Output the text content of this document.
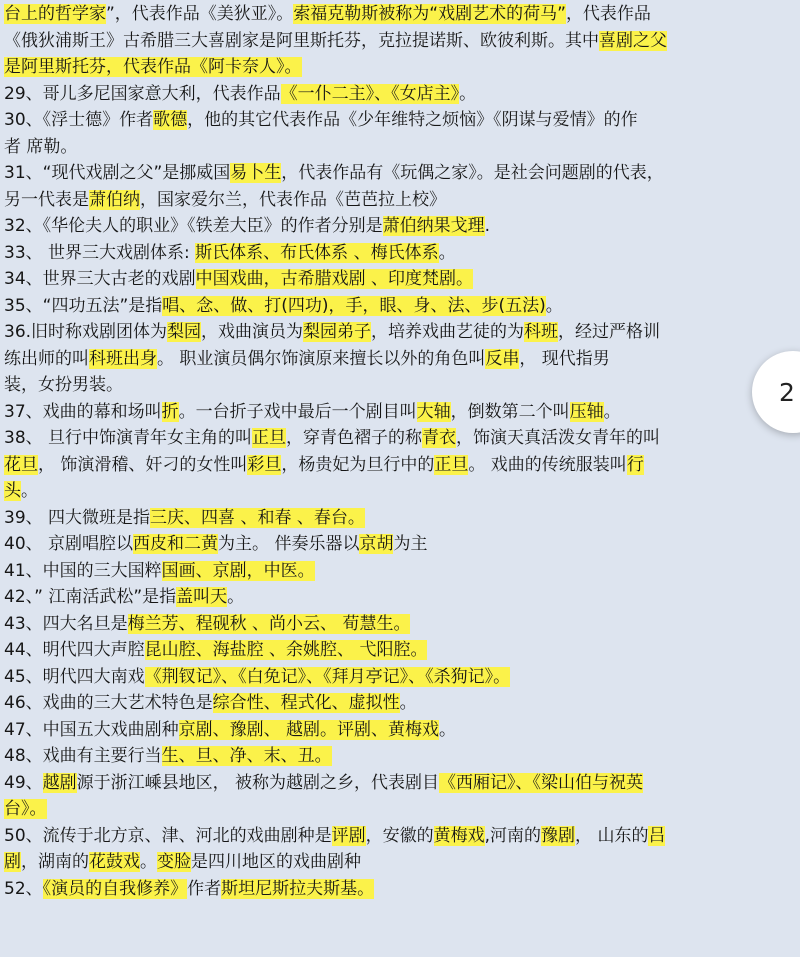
台上的哲学家”，代表作品《美狄亚》。索福克勒斯被称为“戏剧艺术的荷马”，代表作品
《俄狄浦斯王》古希腊三大喜剧家是阿里斯托芬，克拉提诺斯、欧彼利斯。其中喜剧之父
是阿里斯托芬，代表作品《阿卡奈人》。
29、哥儿多尼国家意大利，代表作品《一仆二主》、《女店主》。
30、《浮士德》作者歌德，他的其它代表作品《少年维特之烦恼》《阴谋与爱情》的作
者 席勒。
31、“现代戏剧之父”是挪威国易卜生，代表作品有《玩偶之家》。是社会问题剧的代表，
另一代表是萧伯纳，国家爱尔兰，代表作品《芭芭拉上校》
32、《华伦夫人的职业》《铁差大臣》的作者分别是萧伯纳果戈理.
33、 世界三大戏剧体系: 斯氏体系、布氏体系 、梅氏体系。
34、世界三大古老的戏剧中国戏曲，古希腊戏剧 、印度梵剧。
35、“四功五法”是指唱、念、做、打(四功)，手，眼、身、法、步(五法)。
36.旧时称戏剧团体为梨园，戏曲演员为梨园弟子，培养戏曲艺徒的为科班，经过严格训
练出师的叫科班出身。 职业演员偶尔饰演原来擅长以外的角色叫反串， 现代指男
装，女扮男装。
37、戏曲的幕和场叫折。一台折子戏中最后一个剧目叫大轴，倒数第二个叫压轴。
38、 旦行中饰演青年女主角的叫正旦，穿青色褶子的称青衣，饰演天真活泼女青年的叫
花旦， 饰演滑稽、奸刁的女性叫彩旦，杨贵妃为旦行中的正旦。 戏曲的传统服装叫行
头。
39、 四大微班是指三庆、四喜 、和春 、春台。
40、 京剧唱腔以西皮和二黄为主。 伴奏乐器以京胡为主
41、中国的三大国粹国画、京剧，中医。
42、” 江南活武松”是指盖叫天。
43、四大名旦是梅兰芳、程砚秋 、尚小云、 荀慧生。
44、明代四大声腔昆山腔、海盐腔 、余姚腔、 弋阳腔。
45、明代四大南戏《荆钗记》、《白免记》、《拜月亭记》、《杀狗记》。
46、戏曲的三大艺术特色是综合性、程式化、虚拟性。
47、中国五大戏曲剧种京剧、豫剧、 越剧。评剧、黄梅戏。
48、戏曲有主要行当生、旦、净、末、丑。
49、越剧源于浙江嵊县地区， 被称为越剧之乡，代表剧目《西厢记》、《梁山伯与祝英
台》。
50、流传于北方京、津、河北的戏曲剧种是评剧，安徽的黄梅戏,河南的豫剧， 山东的吕
剧，湖南的花鼓戏。变脸是四川地区的戏曲剧种
52、《演员的自我修养》作者斯坦尼斯拉夫斯基。
2
